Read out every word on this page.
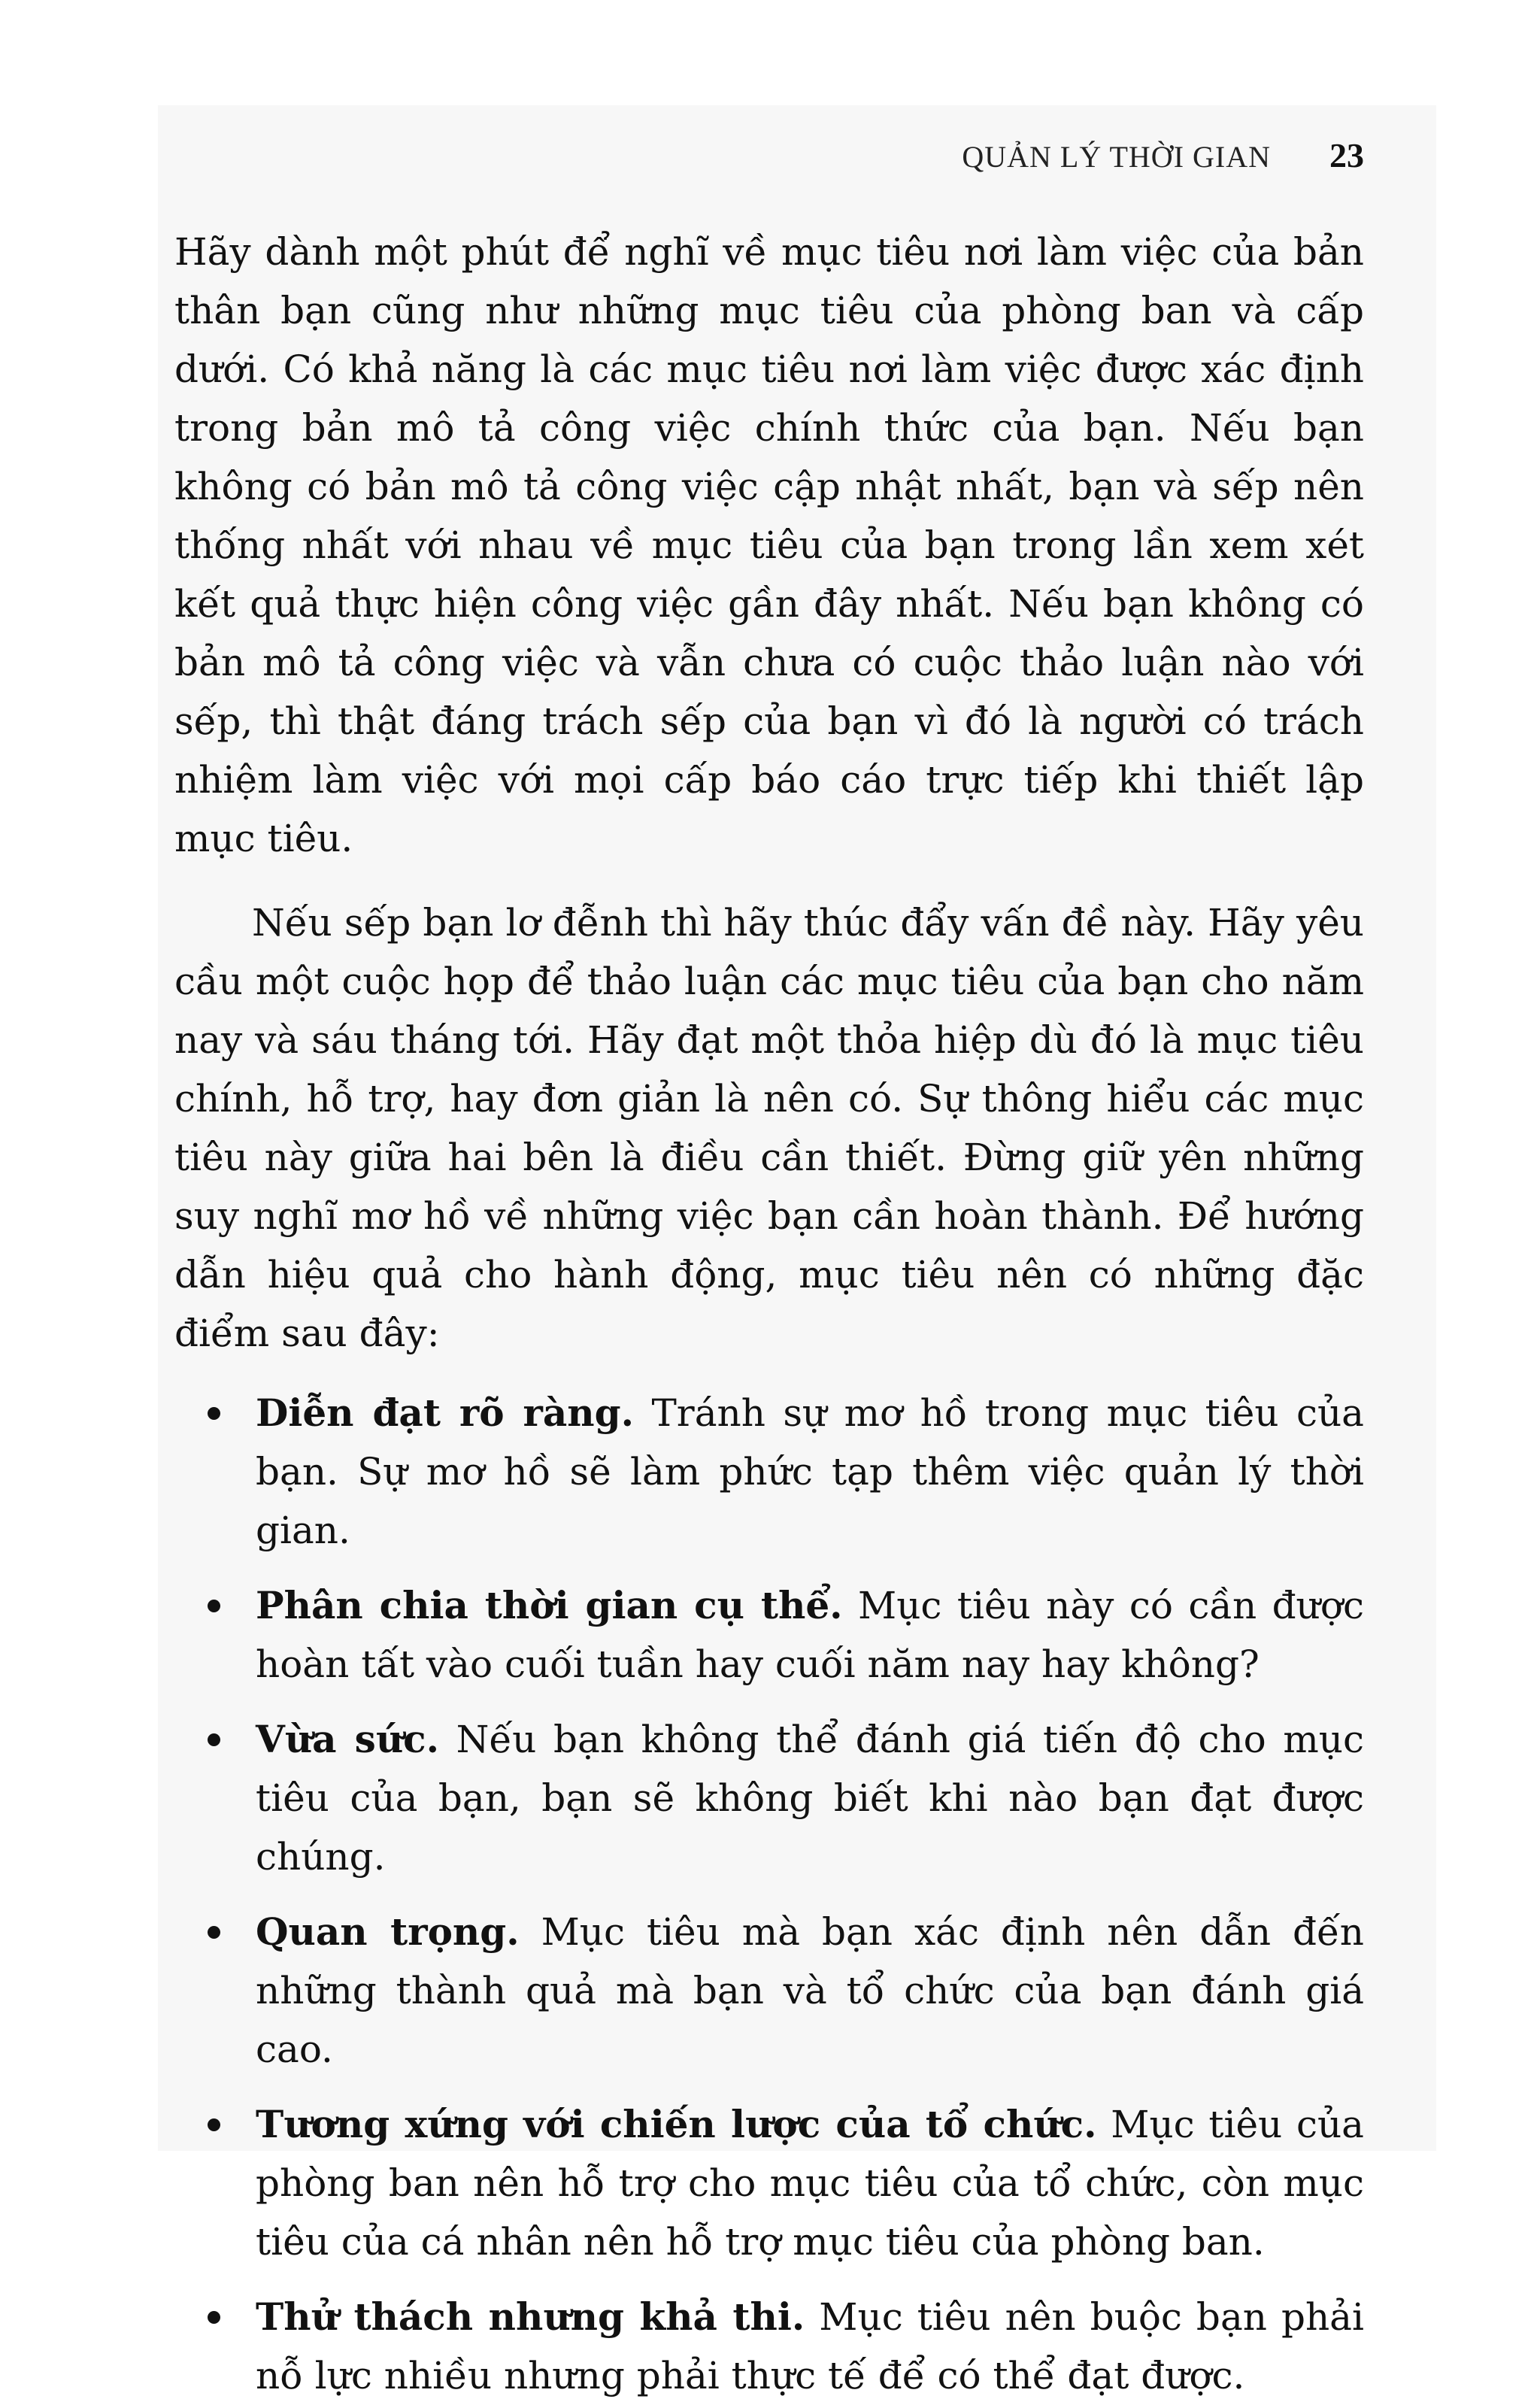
QUẢN LÝ THỜI GIAN 23

Hãy dành một phút để nghĩ về mục tiêu nơi làm việc của bản thân bạn cũng như những mục tiêu của phòng ban và cấp dưới. Có khả năng là các mục tiêu nơi làm việc được xác định trong bản mô tả công việc chính thức của bạn. Nếu bạn không có bản mô tả công việc cập nhật nhất, bạn và sếp nên thống nhất với nhau về mục tiêu của bạn trong lần xem xét kết quả thực hiện công việc gần đây nhất. Nếu bạn không có bản mô tả công việc và vẫn chưa có cuộc thảo luận nào với sếp, thì thật đáng trách sếp của bạn vì đó là người có trách nhiệm làm việc với mọi cấp báo cáo trực tiếp khi thiết lập mục tiêu.

Nếu sếp bạn lơ đễnh thì hãy thúc đẩy vấn đề này. Hãy yêu cầu một cuộc họp để thảo luận các mục tiêu của bạn cho năm nay và sáu tháng tới. Hãy đạt một thỏa hiệp dù đó là mục tiêu chính, hỗ trợ, hay đơn giản là nên có. Sự thông hiểu các mục tiêu này giữa hai bên là điều cần thiết. Đừng giữ yên những suy nghĩ mơ hồ về những việc bạn cần hoàn thành. Để hướng dẫn hiệu quả cho hành động, mục tiêu nên có những đặc điểm sau đây:

Diễn đạt rõ ràng. Tránh sự mơ hồ trong mục tiêu của bạn. Sự mơ hồ sẽ làm phức tạp thêm việc quản lý thời gian.
Phân chia thời gian cụ thể. Mục tiêu này có cần được hoàn tất vào cuối tuần hay cuối năm nay hay không?
Vừa sức. Nếu bạn không thể đánh giá tiến độ cho mục tiêu của bạn, bạn sẽ không biết khi nào bạn đạt được chúng.
Quan trọng. Mục tiêu mà bạn xác định nên dẫn đến những thành quả mà bạn và tổ chức của bạn đánh giá cao.
Tương xứng với chiến lược của tổ chức. Mục tiêu của phòng ban nên hỗ trợ cho mục tiêu của tổ chức, còn mục tiêu của cá nhân nên hỗ trợ mục tiêu của phòng ban.
Thử thách nhưng khả thi. Mục tiêu nên buộc bạn phải nỗ lực nhiều nhưng phải thực tế để có thể đạt được.
